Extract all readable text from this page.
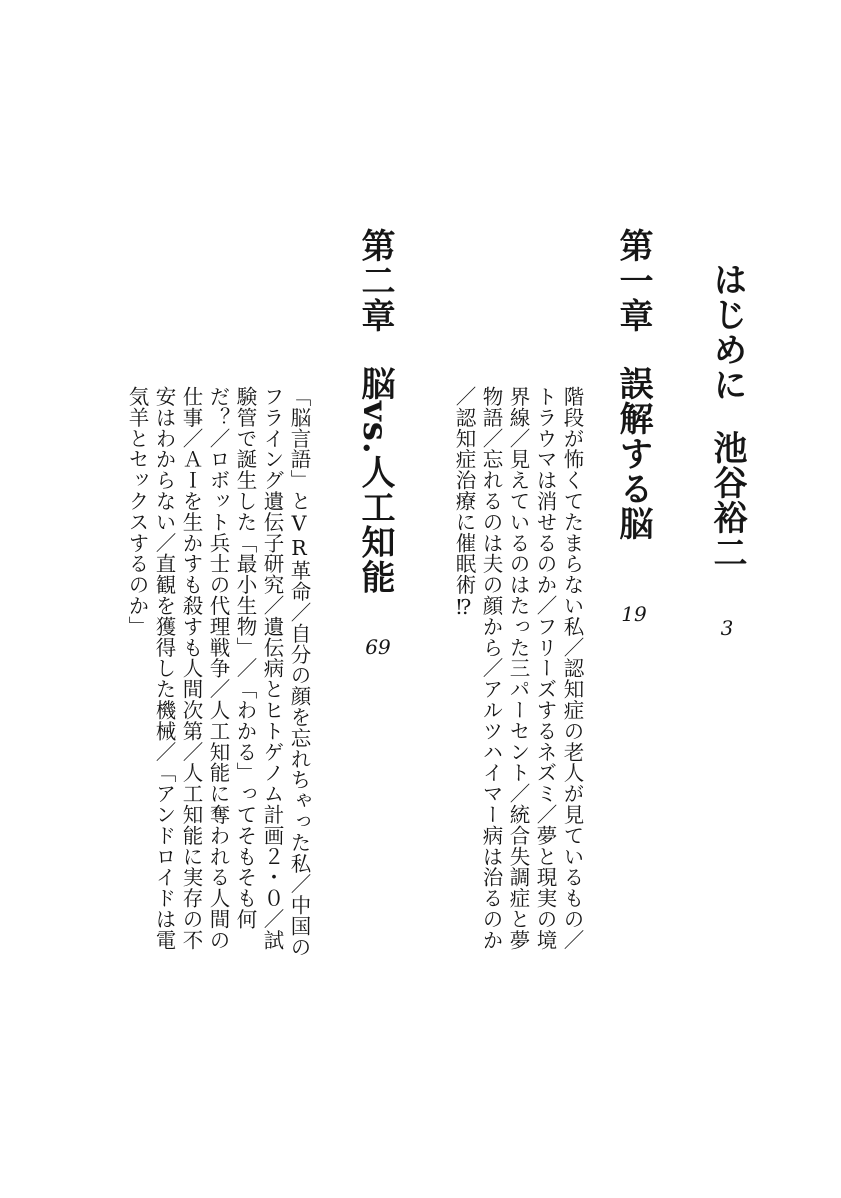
はじめに
池谷裕二
3
第一章
誤解する脳
19
階段が怖くてたまらない私／認知症の老人が見ているもの／
トラウマは消せるのか／フリーズするネズミ／夢と現実の境
界線／見えているのはたった三パーセント／統合失調症と夢
物語／忘れるのは夫の顔から／アルツハイマー病は治るのか
／認知症治療に催眠術⁉
第二章
脳vs.人工知能
69
「脳言語」とVR革命／自分の顔を忘れちゃった私／中国の
フライング遺伝子研究／遺伝病とヒトゲノム計画２・０／試
験管で誕生した「最小生物」／「わかる」ってそもそも何
だ？／ロボット兵士の代理戦争／人工知能に奪われる人間の
仕事／ＡＩを生かすも殺すも人間次第／人工知能に実存の不
安はわからない／直観を獲得した機械／「アンドロイドは電
気羊とセックスするのか」
